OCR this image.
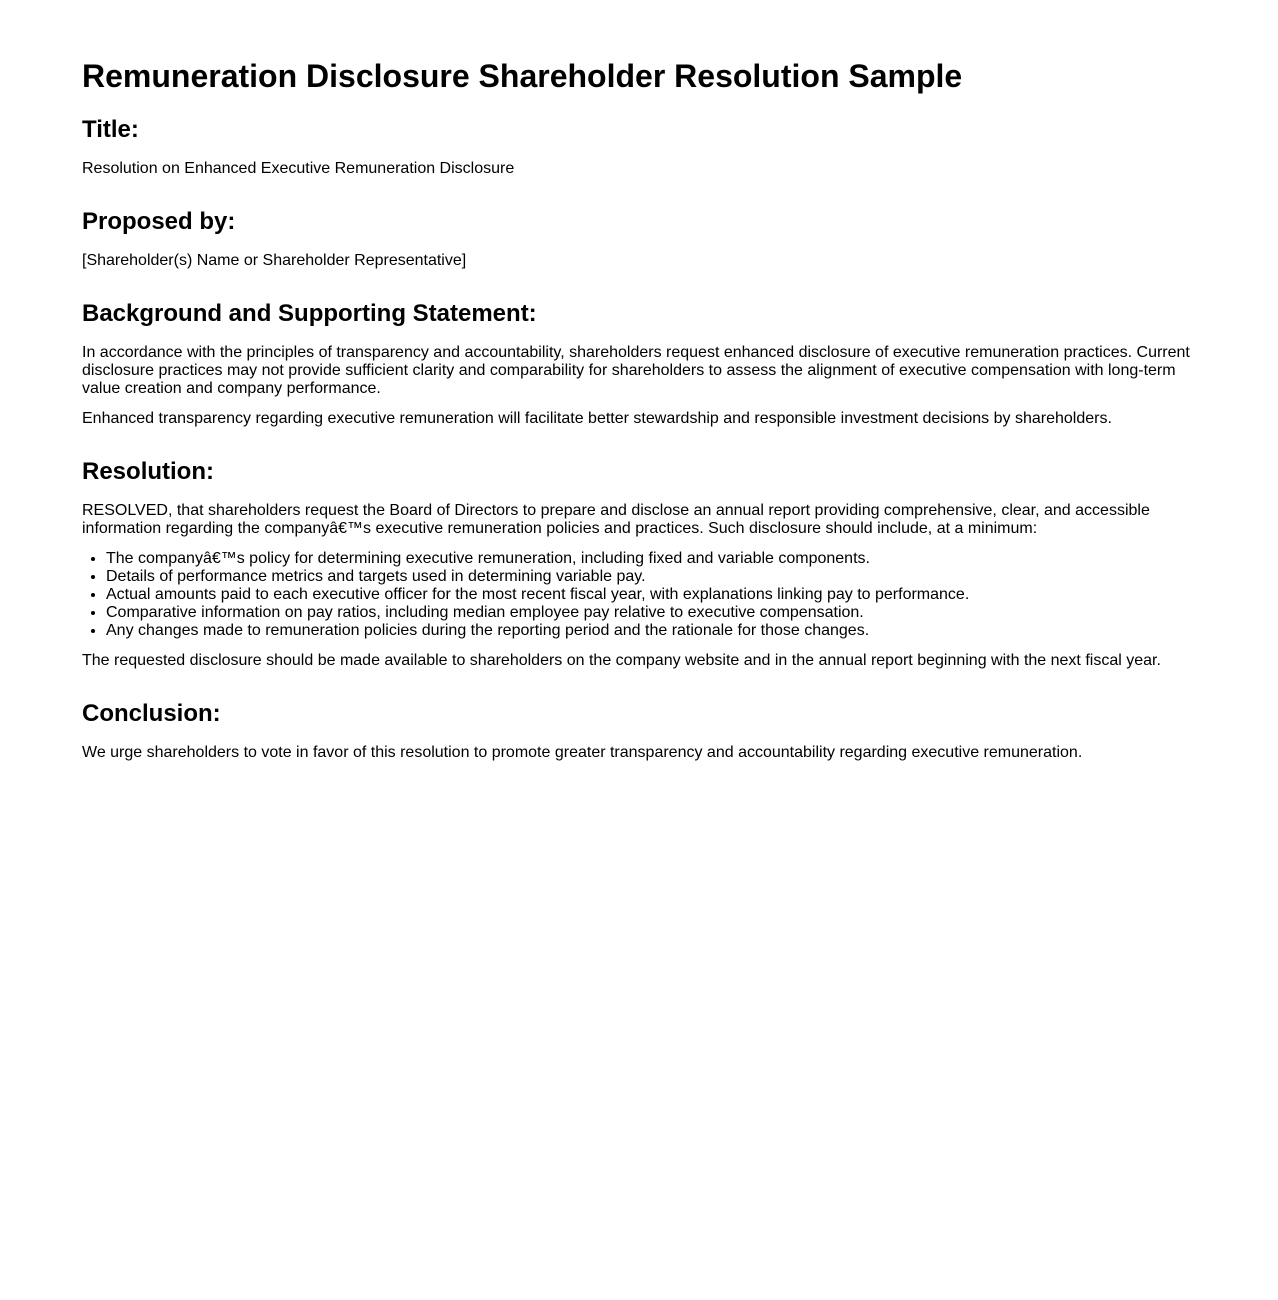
Remuneration Disclosure Shareholder Resolution Sample
Title:

Resolution on Enhanced Executive Remuneration Disclosure

Proposed by:

[Shareholder(s) Name or Shareholder Representative]

Background and Supporting Statement:

In accordance with the principles of transparency and accountability, shareholders request enhanced disclosure of executive remuneration practices. Current disclosure practices may not provide sufficient clarity and comparability for shareholders to assess the alignment of executive compensation with long-term value creation and company performance.

Enhanced transparency regarding executive remuneration will facilitate better stewardship and responsible investment decisions by shareholders.

Resolution:

RESOLVED, that shareholders request the Board of Directors to prepare and disclose an annual report providing comprehensive, clear, and accessible information regarding the companyâ€™s executive remuneration policies and practices. Such disclosure should include, at a minimum:

• The companyâ€™s policy for determining executive remuneration, including fixed and variable components.
• Details of performance metrics and targets used in determining variable pay.
• Actual amounts paid to each executive officer for the most recent fiscal year, with explanations linking pay to performance.
• Comparative information on pay ratios, including median employee pay relative to executive compensation.
• Any changes made to remuneration policies during the reporting period and the rationale for those changes.

The requested disclosure should be made available to shareholders on the company website and in the annual report beginning with the next fiscal year.

Conclusion:

We urge shareholders to vote in favor of this resolution to promote greater transparency and accountability regarding executive remuneration.
